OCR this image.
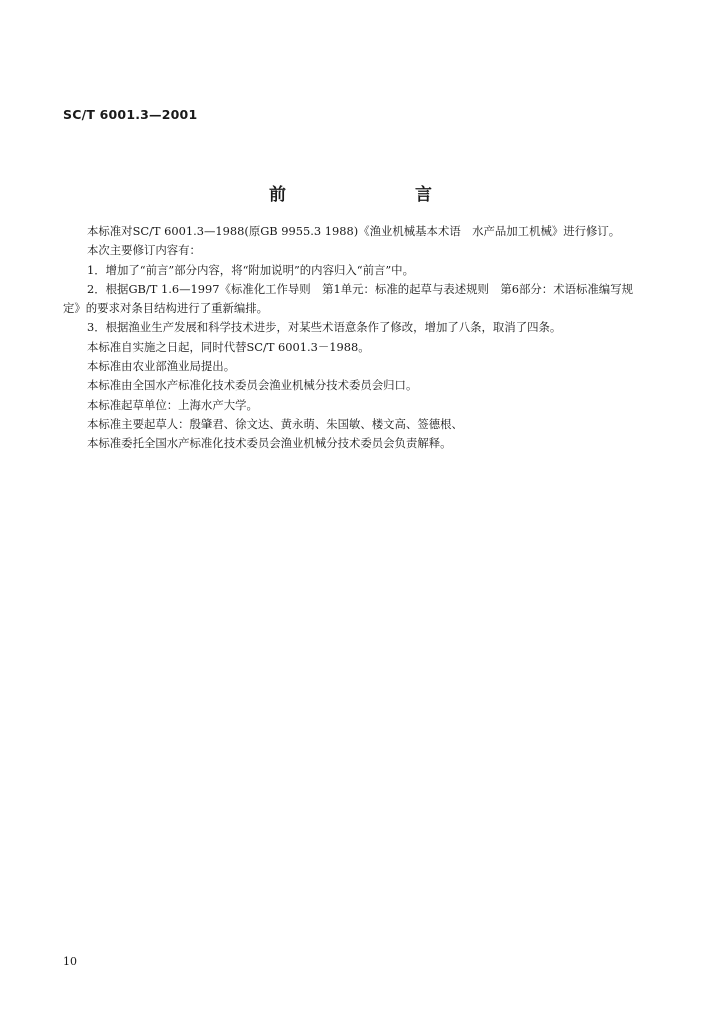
SC/T 6001.3—2001
前　言

本标准对SC/T 6001.3—1988(原GB 9955.3 1988)《渔业机械基本术语　水产品加工机械》进行修订。

本次主要修订内容有：

1．增加了“前言”部分内容，将“附加说明”的内容归入“前言”中。

2．根据GB/T 1.6—1997《标准化工作导则　第1单元：标准的起草与表述规则　第6部分：术语标准编写规定》的要求对条目结构进行了重新编排。

3．根据渔业生产发展和科学技术进步，对某些术语意条作了修改，增加了八条，取消了四条。

本标准自实施之日起，同时代替SC/T 6001.3－1988。

本标准由农业部渔业局提出。

本标准由全国水产标准化技术委员会渔业机械分技术委员会归口。

本标准起草单位：上海水产大学。

本标准主要起草人：殷肇君、徐文达、黄永萌、朱国敏、楼文高、签德根、

本标准委托全国水产标准化技术委员会渔业机械分技术委员会负责解释。

10
